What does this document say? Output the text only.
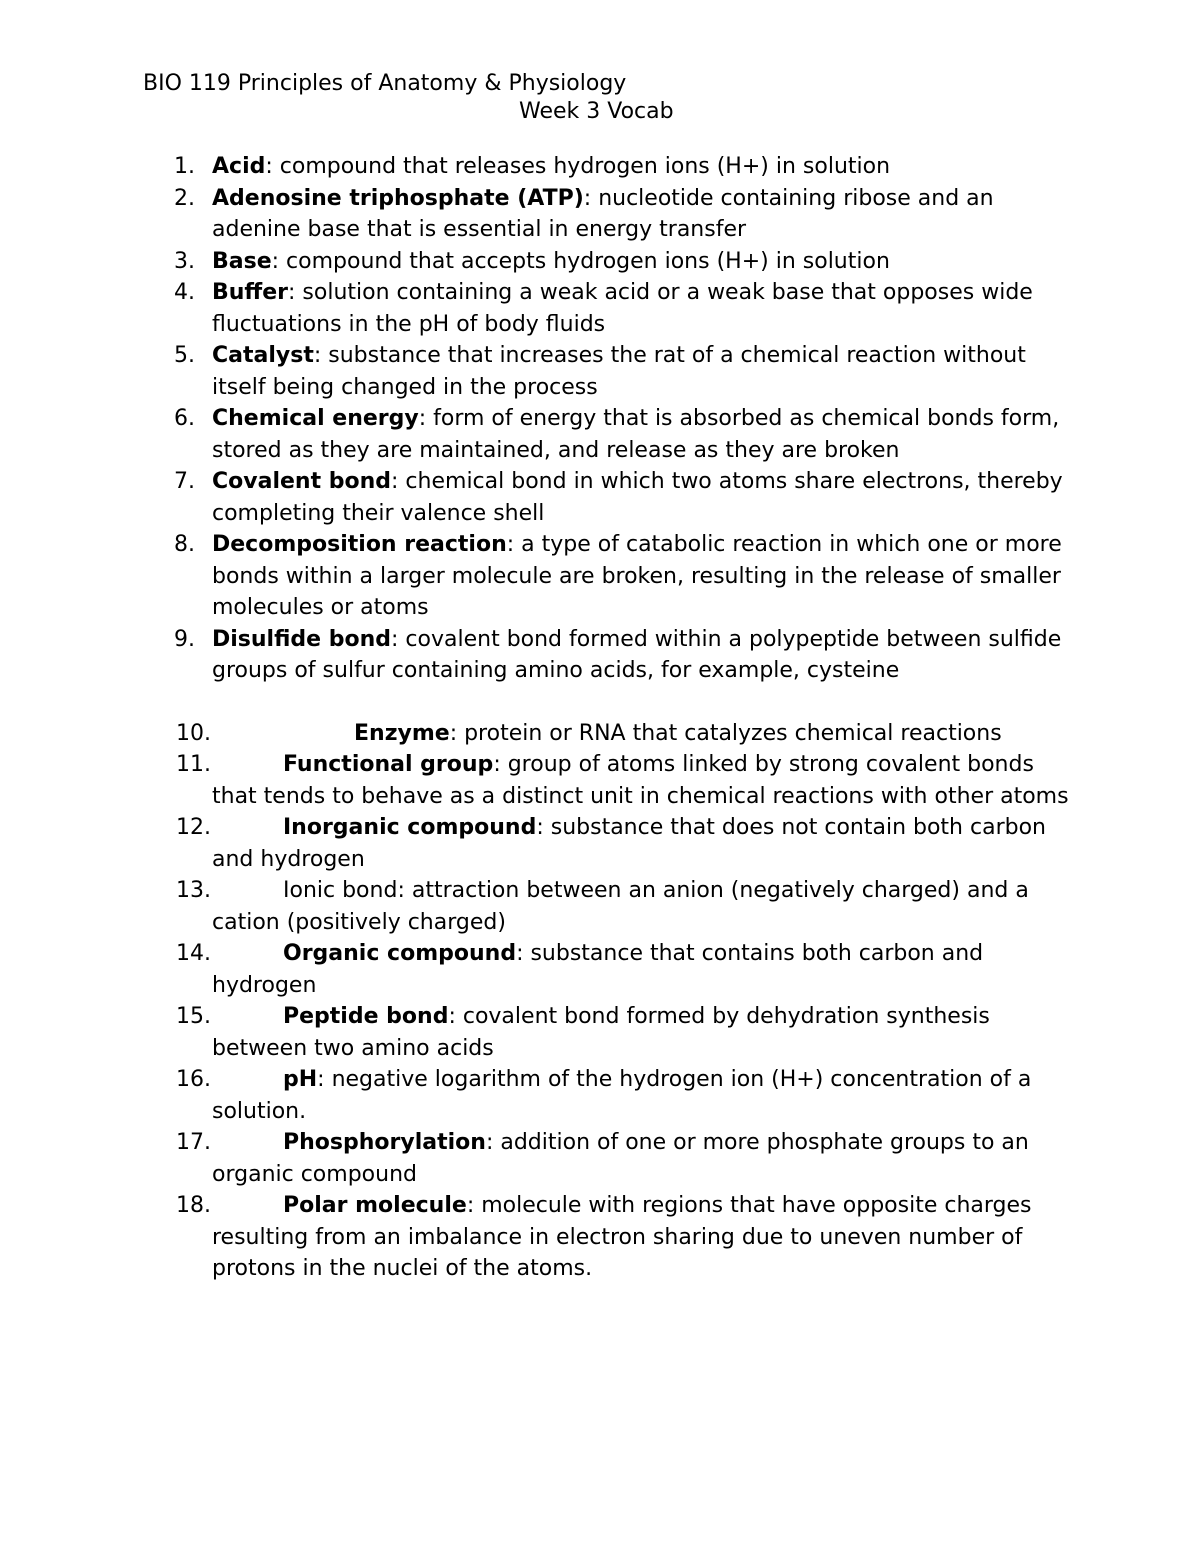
BIO 119 Principles of Anatomy & Physiology
Week 3 Vocab
1. Acid: compound that releases hydrogen ions (H+) in solution
2. Adenosine triphosphate (ATP): nucleotide containing ribose and an adenine base that is essential in energy transfer
3. Base: compound that accepts hydrogen ions (H+) in solution
4. Buffer: solution containing a weak acid or a weak base that opposes wide fluctuations in the pH of body fluids
5. Catalyst: substance that increases the rat of a chemical reaction without itself being changed in the process
6. Chemical energy: form of energy that is absorbed as chemical bonds form, stored as they are maintained, and release as they are broken
7. Covalent bond: chemical bond in which two atoms share electrons, thereby completing their valence shell
8. Decomposition reaction: a type of catabolic reaction in which one or more bonds within a larger molecule are broken, resulting in the release of smaller molecules or atoms
9. Disulfide bond: covalent bond formed within a polypeptide between sulfide groups of sulfur containing amino acids, for example, cysteine
10.	Enzyme: protein or RNA that catalyzes chemical reactions
11.	Functional group: group of atoms linked by strong covalent bonds that tends to behave as a distinct unit in chemical reactions with other atoms
12.	Inorganic compound: substance that does not contain both carbon and hydrogen
13.	Ionic bond: attraction between an anion (negatively charged) and a cation (positively charged)
14.	Organic compound: substance that contains both carbon and hydrogen
15.	Peptide bond: covalent bond formed by dehydration synthesis between two amino acids
16.	pH: negative logarithm of the hydrogen ion (H+) concentration of a solution.
17.	Phosphorylation: addition of one or more phosphate groups to an organic compound
18.	Polar molecule: molecule with regions that have opposite charges resulting from an imbalance in electron sharing due to uneven number of protons in the nuclei of the atoms.
